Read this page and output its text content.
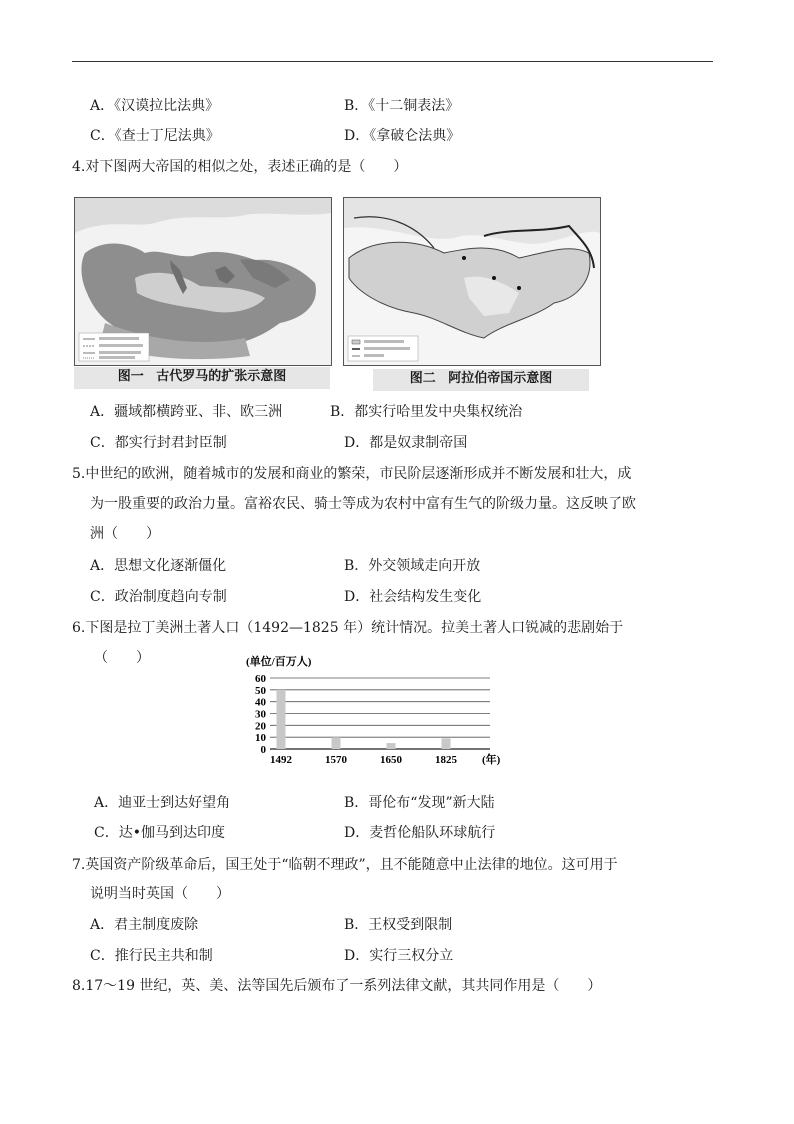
A．《汉谟拉比法典》	B．《十二铜表法》
C．《查士丁尼法典》	D．《拿破仑法典》
4.对下图两大帝国的相似之处，表述正确的是（　　）
图一 古代罗马的扩张示意图	图二 阿拉伯帝国示意图
A．疆域都横跨亚、非、欧三洲	B．都实行哈里发中央集权统治
C．都实行封君封臣制	D．都是奴隶制帝国
5.中世纪的欧洲，随着城市的发展和商业的繁荣，市民阶层逐渐形成并不断发展和壮大，成
为一股重要的政治力量。富裕农民、骑士等成为农村中富有生气的阶级力量。这反映了欧
洲（　　）
A．思想文化逐渐僵化	B．外交领域走向开放
C．政治制度趋向专制	D．社会结构发生变化
6.下图是拉丁美洲土著人口（1492—1825 年）统计情况。拉美土著人口锐减的悲剧始于
（　　）	(单位/百万人)
0
10
20
30
40
50
60
1492	1570	1650	1825 (年)
A．迪亚士到达好望角	B．哥伦布“发现”新大陆
C．达•伽马到达印度	D．麦哲伦船队环球航行
7.英国资产阶级革命后，国王处于“临朝不理政”，且不能随意中止法律的地位。这可用于
说明当时英国（　　）
A．君主制度废除	B．王权受到限制
C．推行民主共和制	D．实行三权分立
8.17～19 世纪，英、美、法等国先后颁布了一系列法律文献，其共同作用是（　　）
